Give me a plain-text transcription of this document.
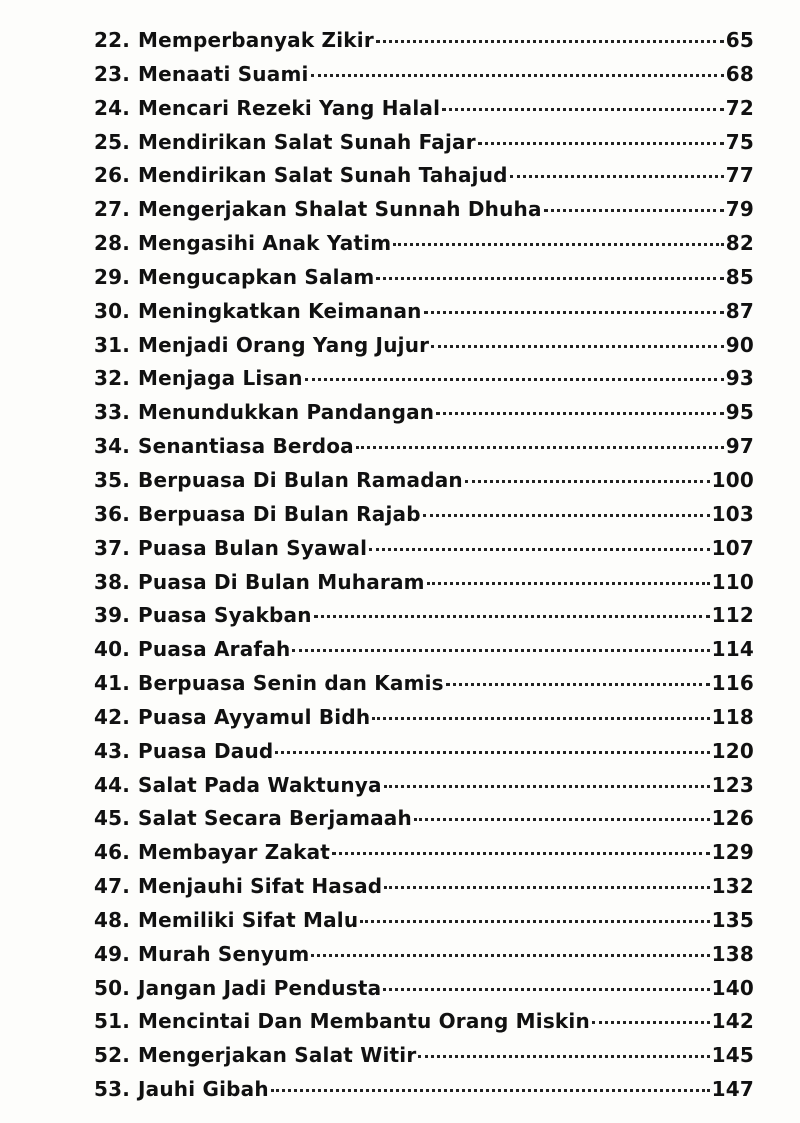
22. Memperbanyak Zikir	65
23. Menaati Suami	68
24. Mencari Rezeki Yang Halal	72
25. Mendirikan Salat Sunah Fajar	75
26. Mendirikan Salat Sunah Tahajud	77
27. Mengerjakan Shalat Sunnah Dhuha	79
28. Mengasihi Anak Yatim	82
29. Mengucapkan Salam	85
30. Meningkatkan Keimanan	87
31. Menjadi Orang Yang Jujur	90
32. Menjaga Lisan	93
33. Menundukkan Pandangan	95
34. Senantiasa Berdoa	97
35. Berpuasa Di Bulan Ramadan	100
36. Berpuasa Di Bulan Rajab	103
37. Puasa Bulan Syawal	107
38. Puasa Di Bulan Muharam	110
39. Puasa Syakban	112
40. Puasa Arafah	114
41. Berpuasa Senin dan Kamis	116
42. Puasa Ayyamul Bidh	118
43. Puasa Daud	120
44. Salat Pada Waktunya	123
45. Salat Secara Berjamaah	126
46. Membayar Zakat	129
47. Menjauhi Sifat Hasad	132
48. Memiliki Sifat Malu	135
49. Murah Senyum	138
50. Jangan Jadi Pendusta	140
51. Mencintai Dan Membantu Orang Miskin	142
52. Mengerjakan Salat Witir	145
53. Jauhi Gibah	147
